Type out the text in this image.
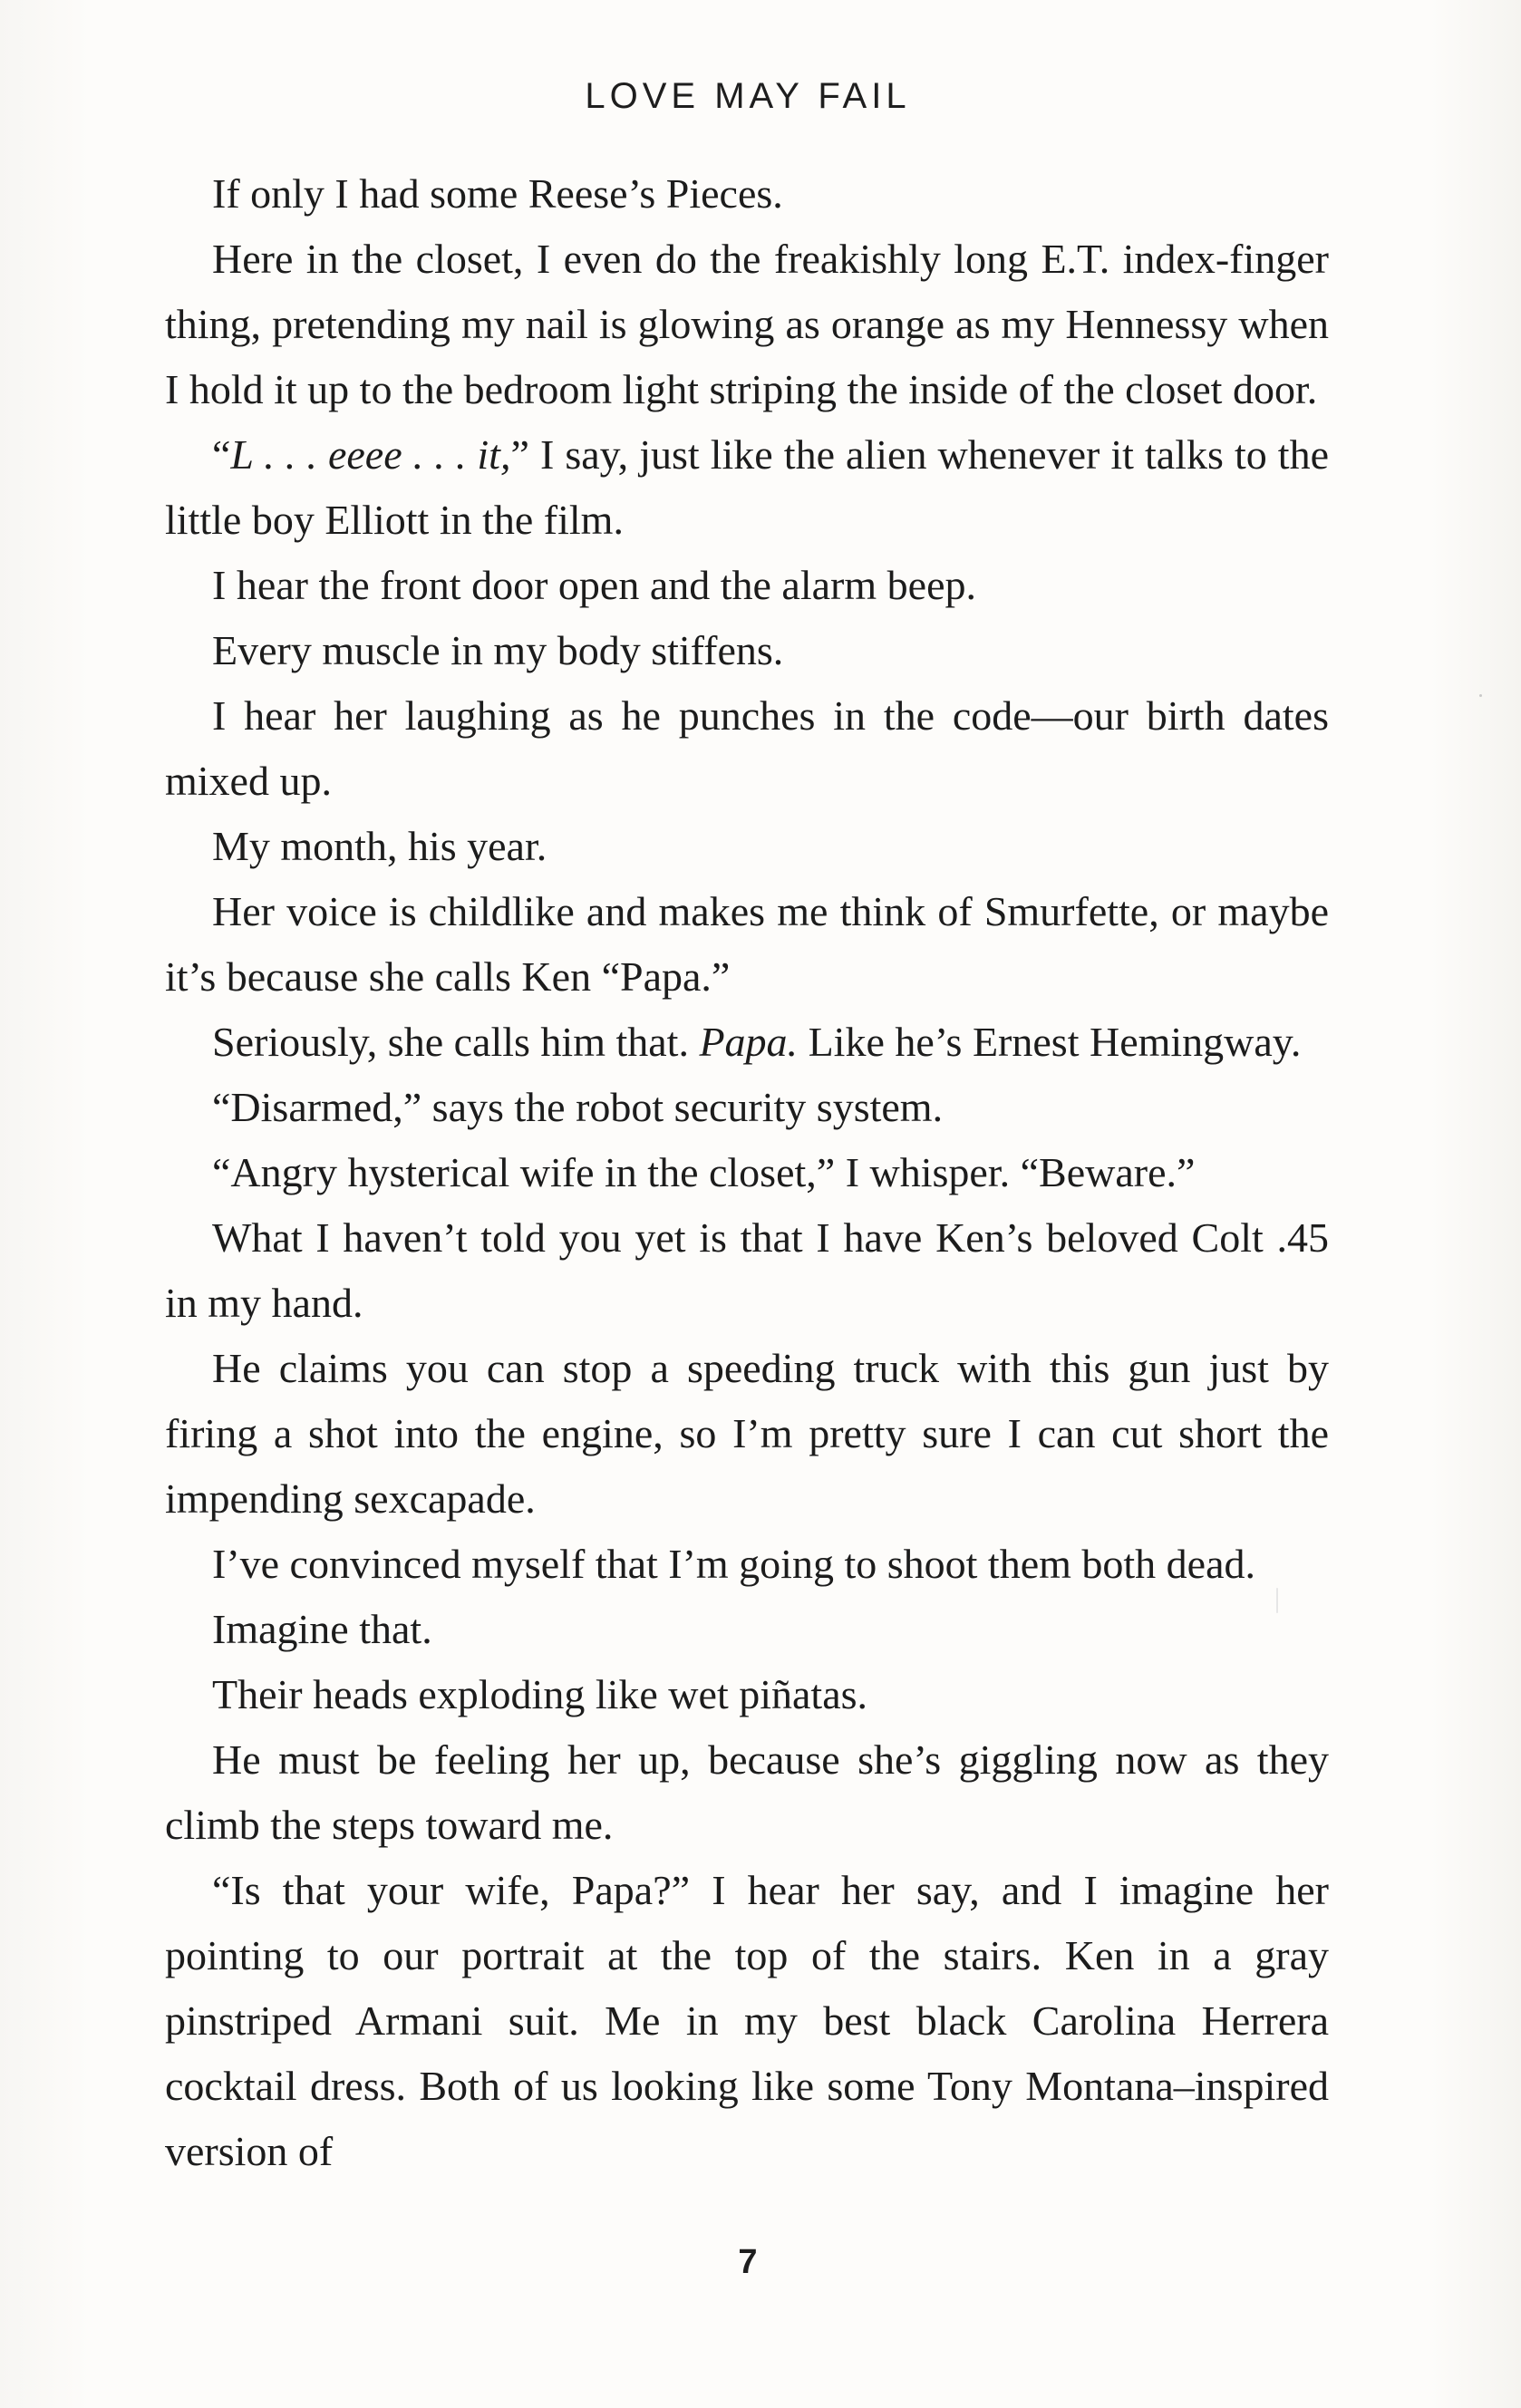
LOVE MAY FAIL

If only I had some Reese’s Pieces.

Here in the closet, I even do the freakishly long E.T. index-finger thing, pretending my nail is glowing as orange as my Hennessy when I hold it up to the bedroom light striping the inside of the closet door.

“L . . . eeee . . . it,” I say, just like the alien whenever it talks to the little boy Elliott in the film.

I hear the front door open and the alarm beep.

Every muscle in my body stiffens.

I hear her laughing as he punches in the code—our birth dates mixed up.

My month, his year.

Her voice is childlike and makes me think of Smurfette, or maybe it’s because she calls Ken “Papa.”

Seriously, she calls him that. Papa. Like he’s Ernest Hemingway.

“Disarmed,” says the robot security system.

“Angry hysterical wife in the closet,” I whisper. “Beware.”

What I haven’t told you yet is that I have Ken’s beloved Colt .45 in my hand.

He claims you can stop a speeding truck with this gun just by firing a shot into the engine, so I’m pretty sure I can cut short the impending sexcapade.

I’ve convinced myself that I’m going to shoot them both dead.

Imagine that.

Their heads exploding like wet piñatas.

He must be feeling her up, because she’s giggling now as they climb the steps toward me.

“Is that your wife, Papa?” I hear her say, and I imagine her pointing to our portrait at the top of the stairs. Ken in a gray pinstriped Armani suit. Me in my best black Carolina Herrera cocktail dress. Both of us looking like some Tony Montana–inspired version of

7
